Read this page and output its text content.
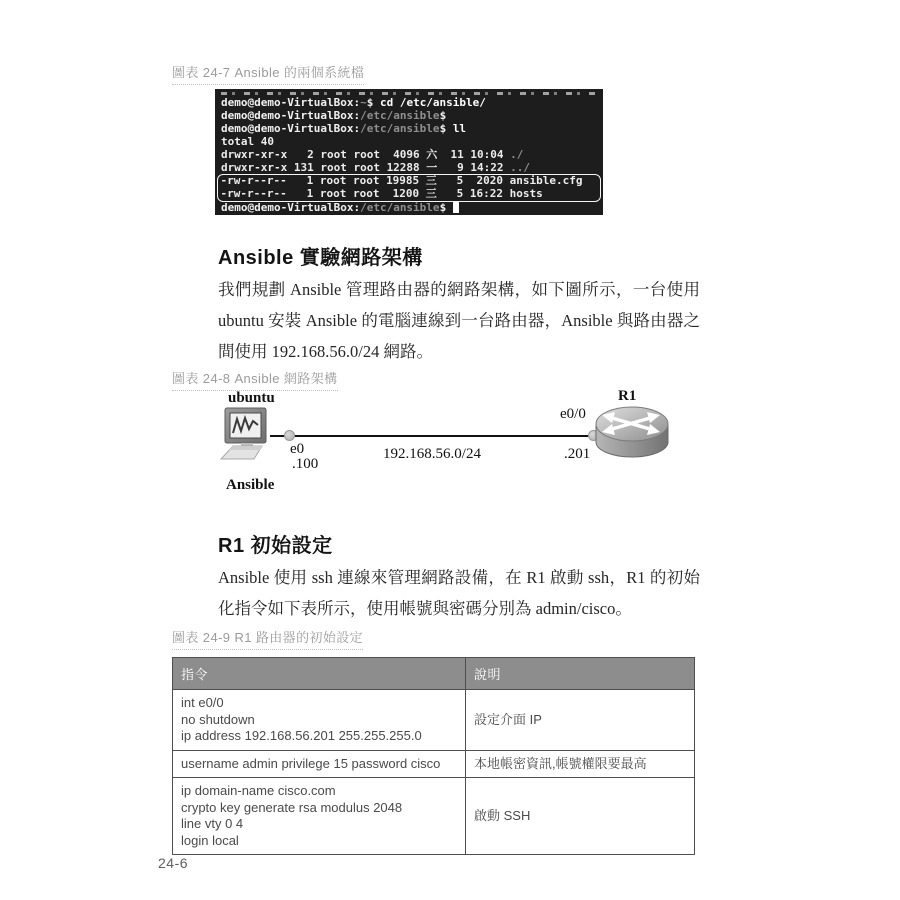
圖表 24-7 Ansible 的兩個系統檔
demo@demo-VirtualBox:~$ cd /etc/ansible/
demo@demo-VirtualBox:/etc/ansible$
demo@demo-VirtualBox:/etc/ansible$ ll
total 40
drwxr-xr-x   2 root root  4096 六  11 10:04 ./
drwxr-xr-x 131 root root 12288 一   9 14:22 ../
-rw-r--r--   1 root root 19985 三   5  2020 ansible.cfg
-rw-r--r--   1 root root  1200 三   5 16:22 hosts
demo@demo-VirtualBox:/etc/ansible$
Ansible 實驗網路架構
我們規劃 Ansible 管理路由器的網路架構，如下圖所示，一台使用 ubuntu 安裝 Ansible 的電腦連線到一台路由器，Ansible 與路由器之間使用 192.168.56.0/24 網路。
圖表 24-8 Ansible 網路架構
ubuntu
Ansible
e0
.100
192.168.56.0/24
e0/0
.201
R1
R1 初始設定
Ansible 使用 ssh 連線來管理網路設備，在 R1 啟動 ssh，R1 的初始化指令如下表所示，使用帳號與密碼分別為 admin/cisco。
圖表 24-9 R1 路由器的初始設定
指令	說明

int e0/0
no shutdown
ip address 192.168.56.201 255.255.255.0	設定介面 IP

username admin privilege 15 password cisco	本地帳密資訊,帳號權限要最高

ip domain-name cisco.com
crypto key generate rsa modulus 2048
line vty 0 4
login local	啟動 SSH
24-6
